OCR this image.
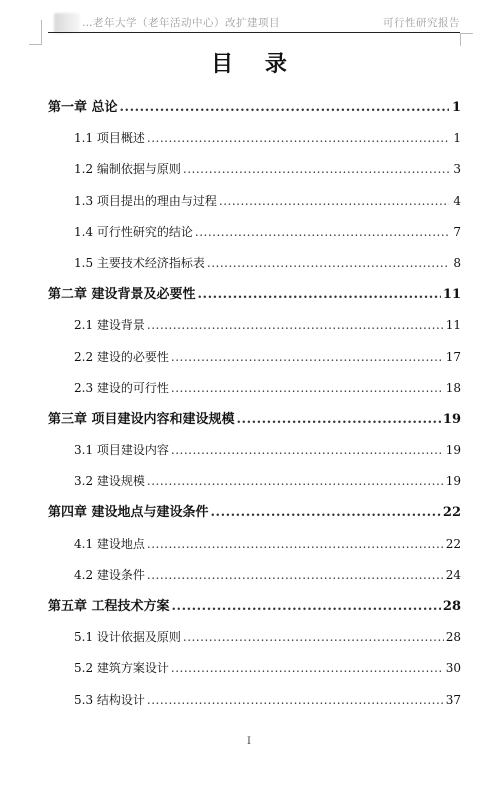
…老年大学（老年活动中心）改扩建项目	可行性研究报告
目 录
第一章 总论 .....	1
1.1 项目概述 .....	1
1.2 编制依据与原则 .....	3
1.3 项目提出的理由与过程 .....	4
1.4 可行性研究的结论 .....	7
1.5 主要技术经济指标表 .....	8
第二章 建设背景及必要性 .....	11
2.1 建设背景 .....	11
2.2 建设的必要性 .....	17
2.3 建设的可行性 .....	18
第三章 项目建设内容和建设规模 .....	19
3.1 项目建设内容 .....	19
3.2 建设规模 .....	19
第四章 建设地点与建设条件 .....	22
4.1 建设地点 .....	22
4.2 建设条件 .....	24
第五章 工程技术方案 .....	28
5.1 设计依据及原则 .....	28
5.2 建筑方案设计 .....	30
5.3 结构设计 .....	37
I
